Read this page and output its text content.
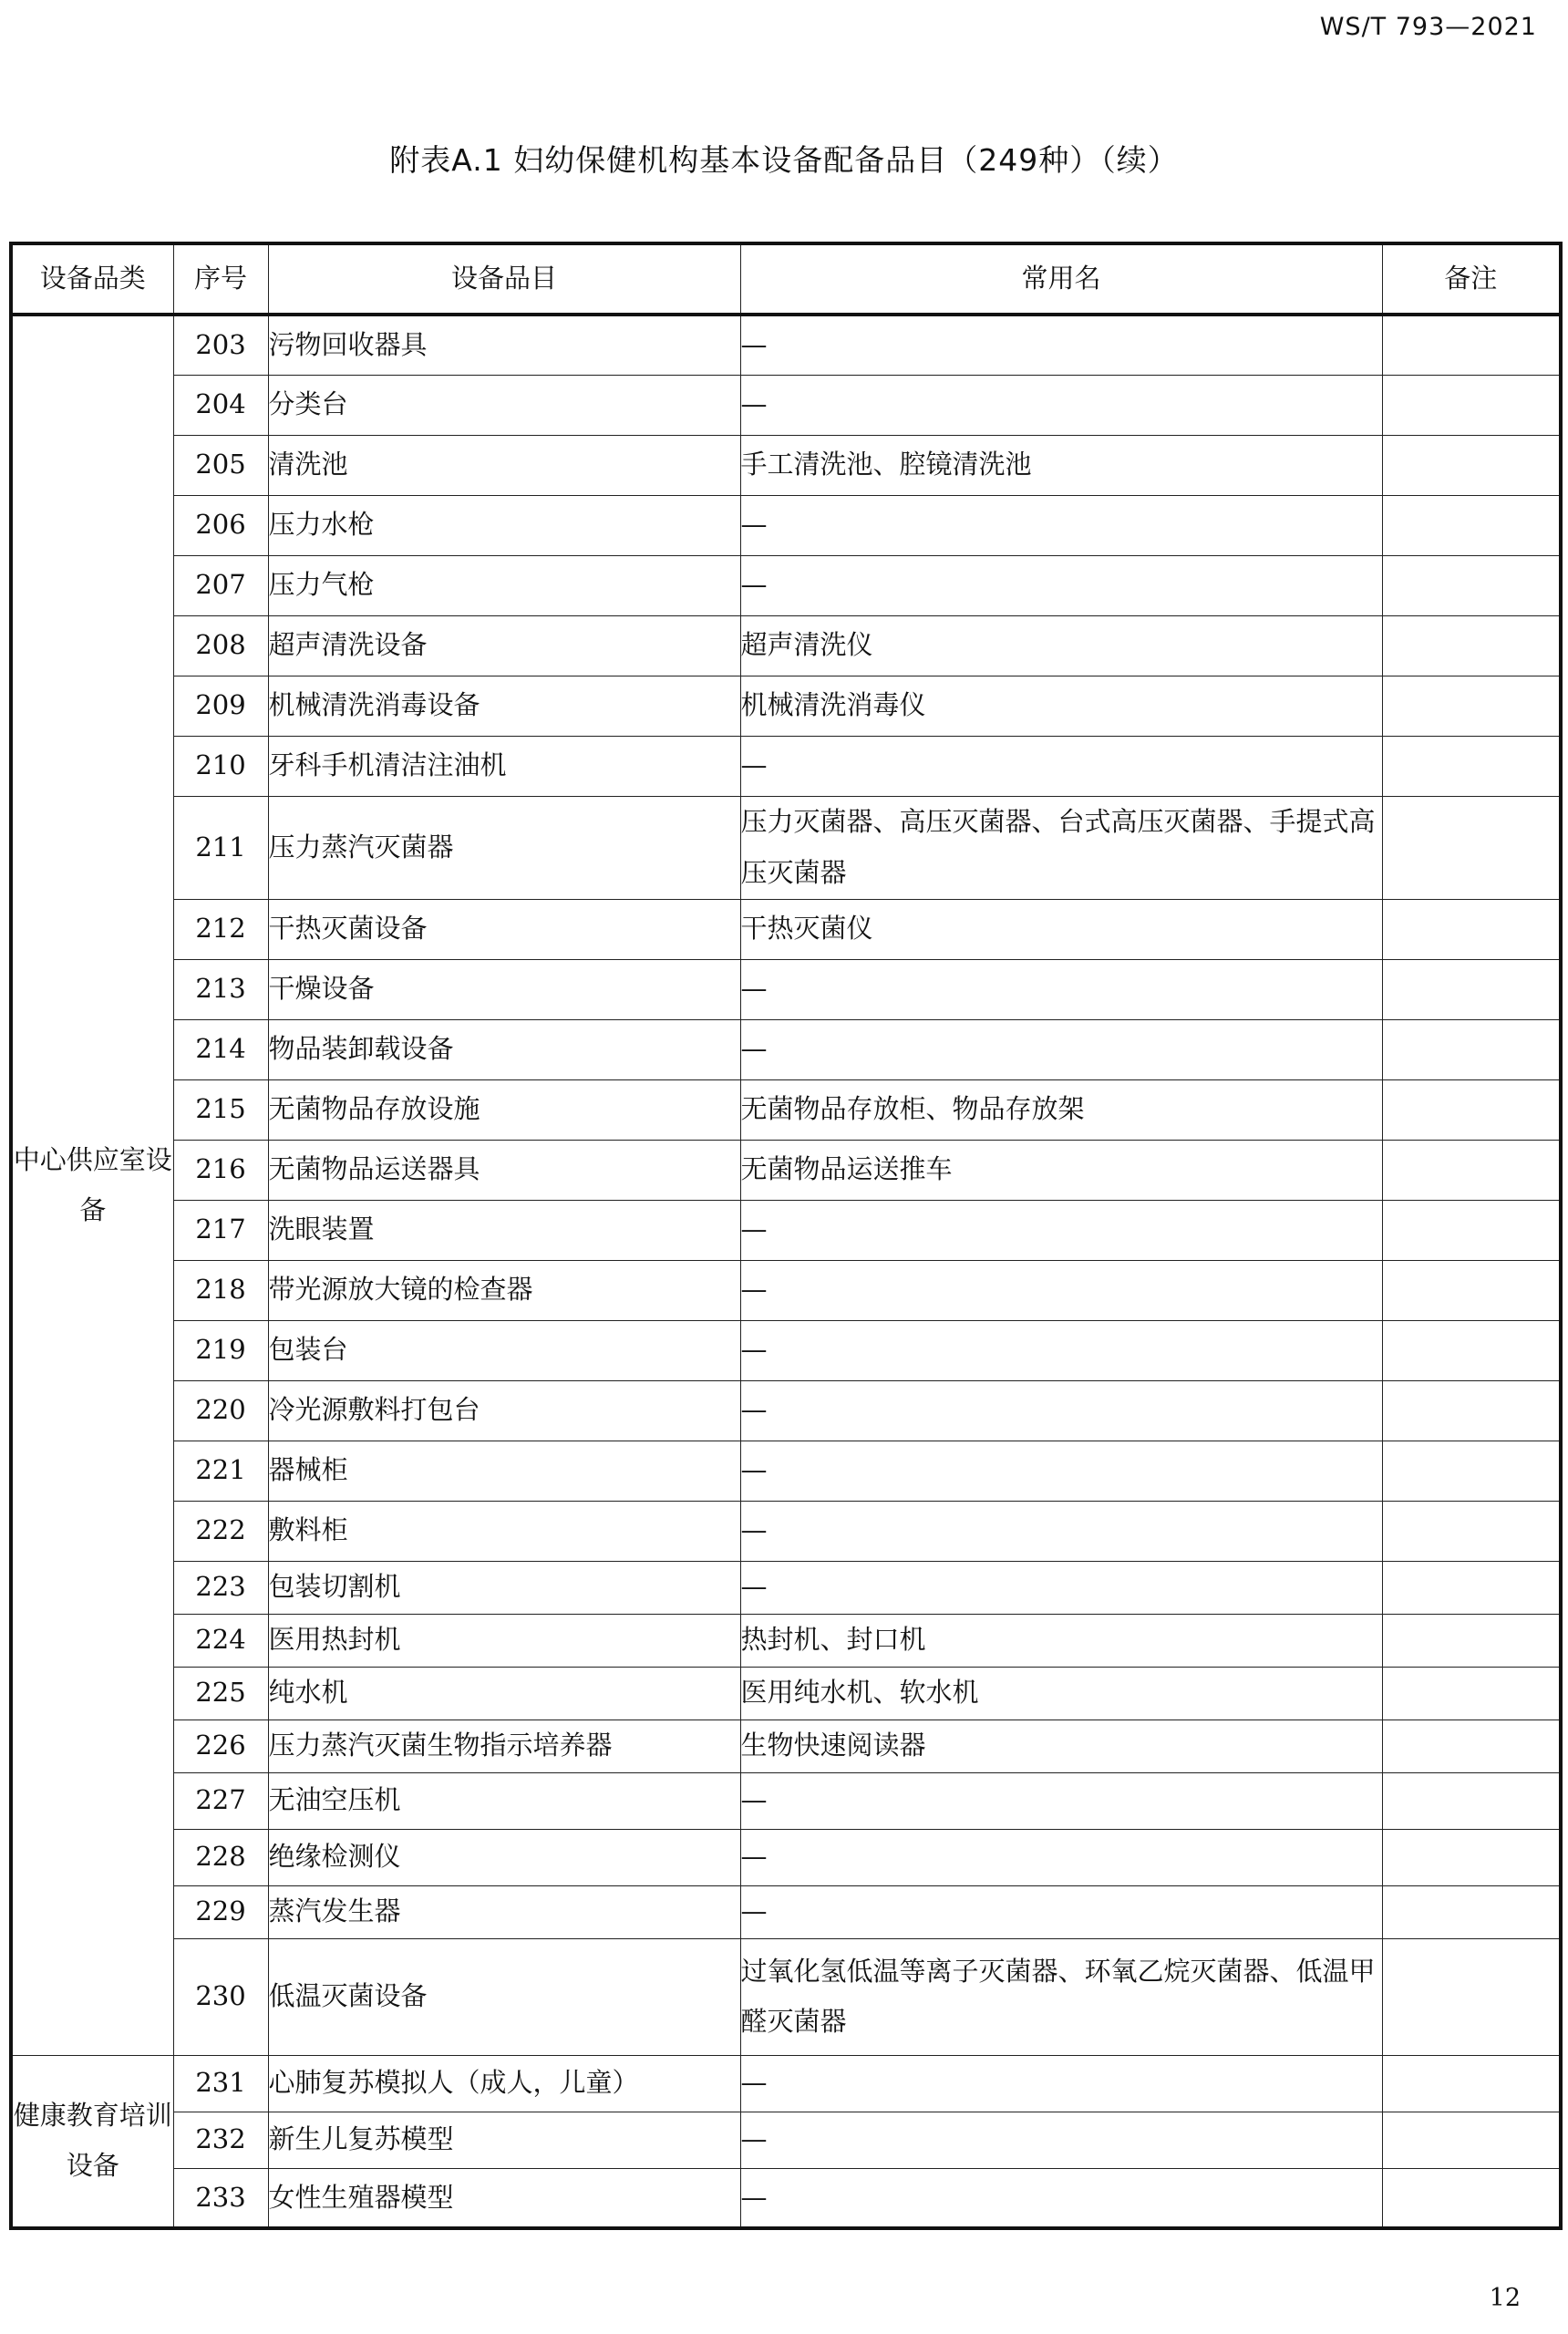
WS/T 793—2021
附表A.1 妇幼保健机构基本设备配备品目（249种）（续）
设备品类	序号	设备品目	常用名	备注
中心供应室设备	203	污物回收器具	—	
	204	分类台	—	
	205	清洗池	手工清洗池、腔镜清洗池	
	206	压力水枪	—	
	207	压力气枪	—	
	208	超声清洗设备	超声清洗仪	
	209	机械清洗消毒设备	机械清洗消毒仪	
	210	牙科手机清洁注油机	—	
	211	压力蒸汽灭菌器	压力灭菌器、高压灭菌器、台式高压灭菌器、手提式高压灭菌器	
	212	干热灭菌设备	干热灭菌仪	
	213	干燥设备	—	
	214	物品装卸载设备	—	
	215	无菌物品存放设施	无菌物品存放柜、物品存放架	
	216	无菌物品运送器具	无菌物品运送推车	
	217	洗眼装置	—	
	218	带光源放大镜的检查器	—	
	219	包装台	—	
	220	冷光源敷料打包台	—	
	221	器械柜	—	
	222	敷料柜	—	
	223	包装切割机	—	
	224	医用热封机	热封机、封口机	
	225	纯水机	医用纯水机、软水机	
	226	压力蒸汽灭菌生物指示培养器	生物快速阅读器	
	227	无油空压机	—	
	228	绝缘检测仪	—	
	229	蒸汽发生器	—	
	230	低温灭菌设备	过氧化氢低温等离子灭菌器、环氧乙烷灭菌器、低温甲醛灭菌器	
健康教育培训设备	231	心肺复苏模拟人（成人，儿童）	—	
	232	新生儿复苏模型	—	
	233	女性生殖器模型	—	
12
